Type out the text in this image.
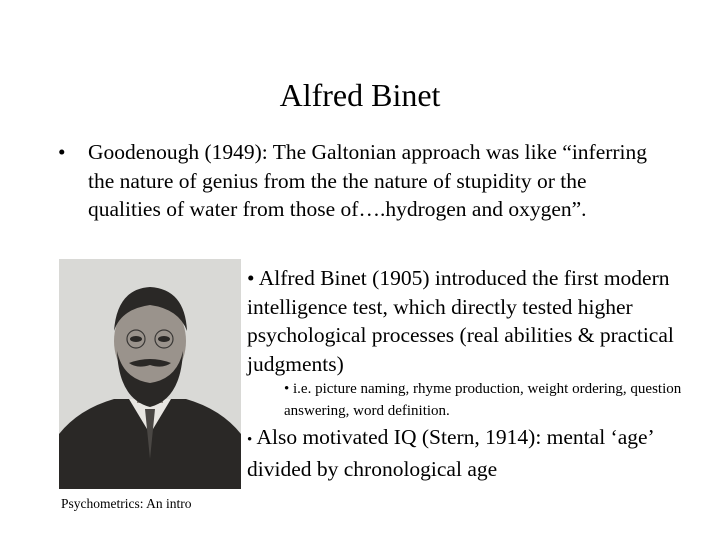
Alfred Binet
• Goodenough (1949): The Galtonian approach was like “inferring the nature of genius from the the nature of stupidity or the qualities of water from those of….hydrogen and oxygen”.
• Alfred Binet (1905) introduced the first modern intelligence test, which directly tested higher psychological processes (real abilities & practical judgments)
• i.e. picture naming, rhyme production, weight ordering, question answering, word definition.
• Also motivated IQ (Stern, 1914): mental ‘age’ divided by chronological age
Psychometrics: An intro
